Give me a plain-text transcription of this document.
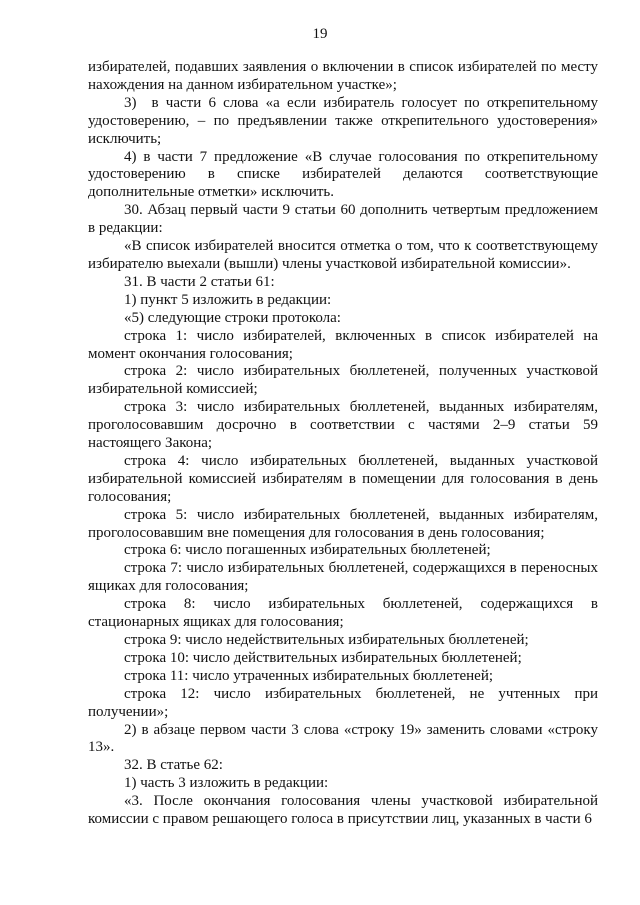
19

избирателей, подавших заявления о включении в список избирателей по месту нахождения на данном избирательном участке»;

3) в части 6 слова «а если избиратель голосует по открепительному удостоверению, – по предъявлении также открепительного удостоверения» исключить;

4) в части 7 предложение «В случае голосования по открепительному удостоверению в списке избирателей делаются соответствующие дополнительные отметки» исключить.

30. Абзац первый части 9 статьи 60 дополнить четвертым предложением в редакции:

«В список избирателей вносится отметка о том, что к соответствующему избирателю выехали (вышли) члены участковой избирательной комиссии».

31. В части 2 статьи 61:

1) пункт 5 изложить в редакции:

«5) следующие строки протокола:

строка 1: число избирателей, включенных в список избирателей на момент окончания голосования;

строка 2: число избирательных бюллетеней, полученных участковой избирательной комиссией;

строка 3: число избирательных бюллетеней, выданных избирателям, проголосовавшим досрочно в соответствии с частями 2–9 статьи 59 настоящего Закона;

строка 4: число избирательных бюллетеней, выданных участковой избирательной комиссией избирателям в помещении для голосования в день голосования;

строка 5: число избирательных бюллетеней, выданных избирателям, проголосовавшим вне помещения для голосования в день голосования;

строка 6: число погашенных избирательных бюллетеней;

строка 7: число избирательных бюллетеней, содержащихся в переносных ящиках для голосования;

строка 8: число избирательных бюллетеней, содержащихся в стационарных ящиках для голосования;

строка 9: число недействительных избирательных бюллетеней;

строка 10: число действительных избирательных бюллетеней;

строка 11: число утраченных избирательных бюллетеней;

строка 12: число избирательных бюллетеней, не учтенных при получении»;

2) в абзаце первом части 3 слова «строку 19» заменить словами «строку 13».

32. В статье 62:

1) часть 3 изложить в редакции:

«3. После окончания голосования члены участковой избирательной комиссии с правом решающего голоса в присутствии лиц, указанных в части 6
